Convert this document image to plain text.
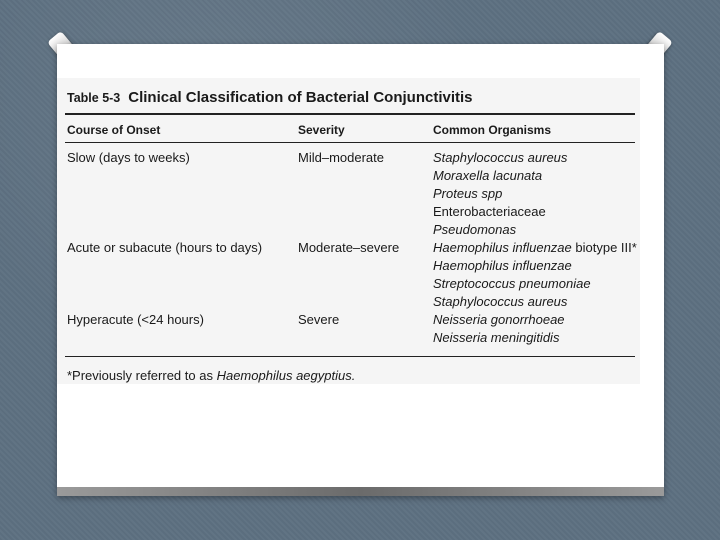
Table 5-3 Clinical Classification of Bacterial Conjunctivitis
Course of Onset	Severity	Common Organisms
Slow (days to weeks)	Mild–moderate	Staphylococcus aureus
Moraxella lacunata
Proteus spp
Enterobacteriaceae
Pseudomonas
Acute or subacute (hours to days)	Moderate–severe	Haemophilus influenzae biotype III*
Haemophilus influenzae
Streptococcus pneumoniae
Staphylococcus aureus
Hyperacute (<24 hours)	Severe	Neisseria gonorrhoeae
Neisseria meningitidis
*Previously referred to as Haemophilus aegyptius.
